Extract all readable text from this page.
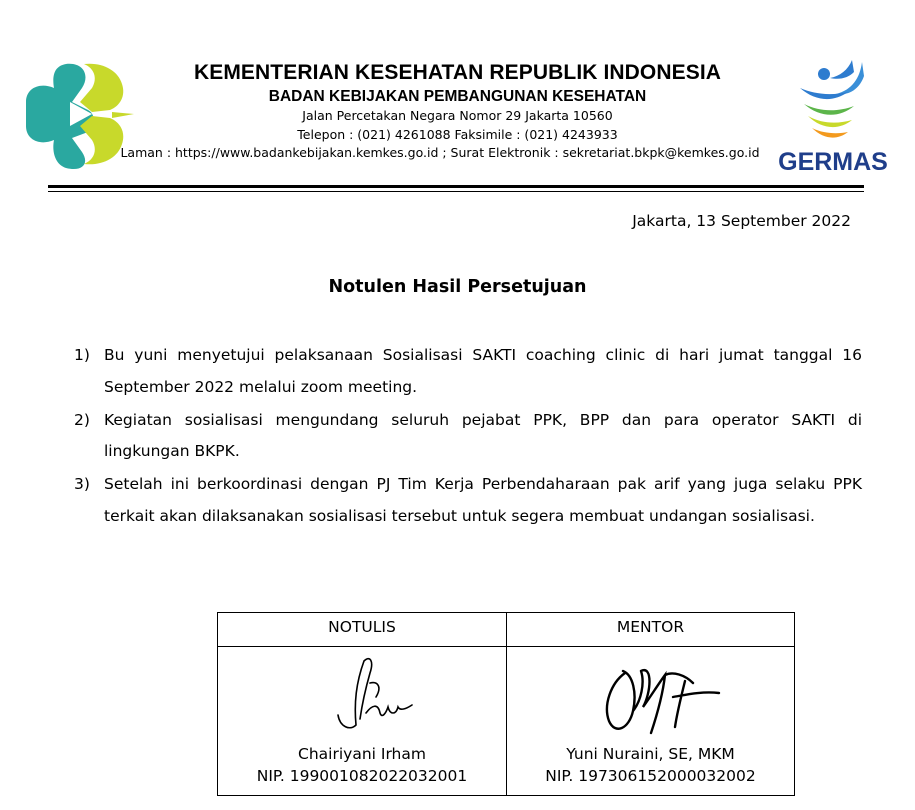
KEMENTERIAN KESEHATAN REPUBLIK INDONESIA
BADAN KEBIJAKAN PEMBANGUNAN KESEHATAN
Jalan Percetakan Negara Nomor 29 Jakarta 10560
Telepon : (021) 4261088 Faksimile : (021) 4243933
Laman : https://www.badankebijakan.kemkes.go.id ; Surat Elektronik : sekretariat.bkpk@kemkes.go.id GERMAS
Jakarta, 13 September 2022
Notulen Hasil Persetujuan
1) Bu yuni menyetujui pelaksanaan Sosialisasi SAKTI coaching clinic di hari jumat tanggal 16 September 2022 melalui zoom meeting.
2) Kegiatan sosialisasi mengundang seluruh pejabat PPK, BPP dan para operator SAKTI di lingkungan BKPK.
3) Setelah ini berkoordinasi dengan PJ Tim Kerja Perbendaharaan pak arif yang juga selaku PPK terkait akan dilaksanakan sosialisasi tersebut untuk segera membuat undangan sosialisasi.
NOTULIS
Chairiyani Irham
NIP. 199001082022032001
MENTOR
Yuni Nuraini, SE, MKM
NIP. 197306152000032002
